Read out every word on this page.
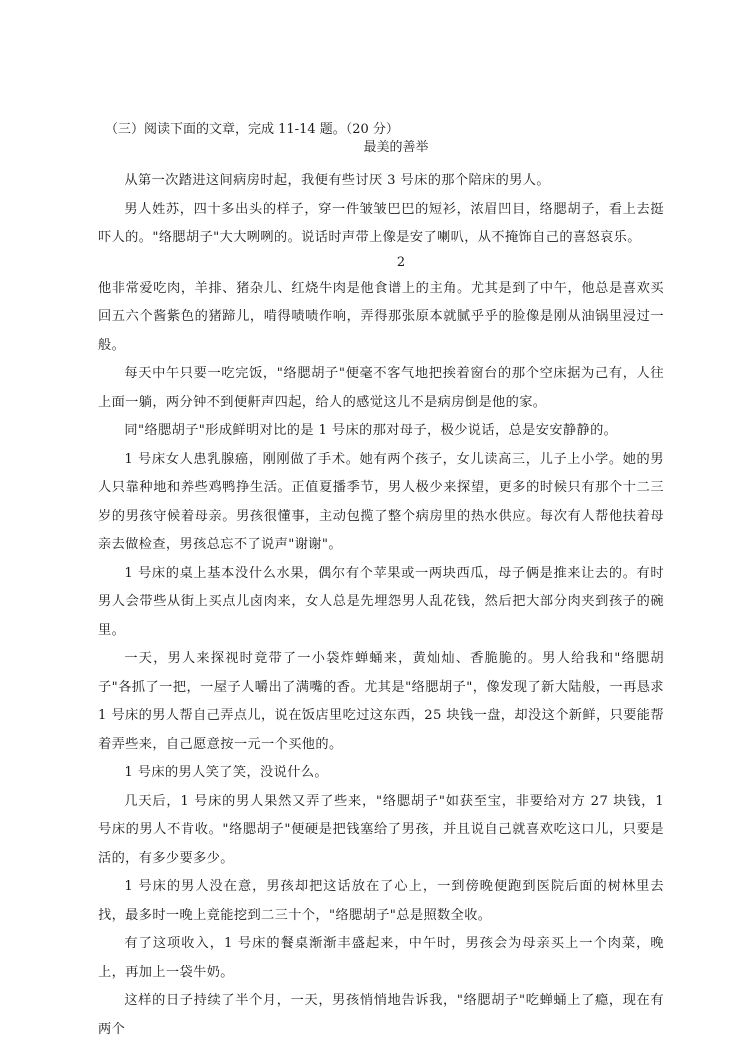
（三）阅读下面的文章，完成 11-14 题。（20 分）

最美的善举

从第一次踏进这间病房时起，我便有些讨厌 3 号床的那个陪床的男人。

男人姓苏，四十多出头的样子，穿一件皱皱巴巴的短衫，浓眉凹目，络腮胡子，看上去挺吓人的。"络腮胡子"大大咧咧的。说话时声带上像是安了喇叭，从不掩饰自己的喜怒哀乐。

2

他非常爱吃肉，羊排、猪杂儿、红烧牛肉是他食谱上的主角。尤其是到了中午，他总是喜欢买回五六个酱紫色的猪蹄儿，啃得啧啧作响，弄得那张原本就腻乎乎的脸像是刚从油锅里浸过一般。

每天中午只要一吃完饭，"络腮胡子"便毫不客气地把挨着窗台的那个空床据为己有，人往上面一躺，两分钟不到便鼾声四起，给人的感觉这儿不是病房倒是他的家。

同"络腮胡子"形成鲜明对比的是 1 号床的那对母子，极少说话，总是安安静静的。

1 号床女人患乳腺癌，刚刚做了手术。她有两个孩子，女儿读高三，儿子上小学。她的男人只靠种地和养些鸡鸭挣生活。正值夏播季节，男人极少来探望，更多的时候只有那个十二三岁的男孩守候着母亲。男孩很懂事，主动包揽了整个病房里的热水供应。每次有人帮他扶着母亲去做检查，男孩总忘不了说声"谢谢"。

1 号床的桌上基本没什么水果，偶尔有个苹果或一两块西瓜，母子俩是推来让去的。有时男人会带些从街上买点儿卤肉来，女人总是先埋怨男人乱花钱，然后把大部分肉夹到孩子的碗里。

一天，男人来探视时竟带了一小袋炸蝉蛹来，黄灿灿、香脆脆的。男人给我和"络腮胡子"各抓了一把，一屋子人嚼出了满嘴的香。尤其是"络腮胡子"，像发现了新大陆般，一再恳求 1 号床的男人帮自己弄点儿，说在饭店里吃过这东西，25 块钱一盘，却没这个新鲜，只要能帮着弄些来，自己愿意按一元一个买他的。

1 号床的男人笑了笑，没说什么。

几天后，1 号床的男人果然又弄了些来，"络腮胡子"如获至宝，非要给对方 27 块钱，1 号床的男人不肯收。"络腮胡子"便硬是把钱塞给了男孩，并且说自己就喜欢吃这口儿，只要是活的，有多少要多少。

1 号床的男人没在意，男孩却把这话放在了心上，一到傍晚便跑到医院后面的树林里去找，最多时一晚上竟能挖到二三十个，"络腮胡子"总是照数全收。

有了这项收入，1 号床的餐桌渐渐丰盛起来，中午时，男孩会为母亲买上一个肉菜，晚上，再加上一袋牛奶。

这样的日子持续了半个月，一天，男孩悄悄地告诉我，"络腮胡子"吃蝉蛹上了瘾，现在有两个
